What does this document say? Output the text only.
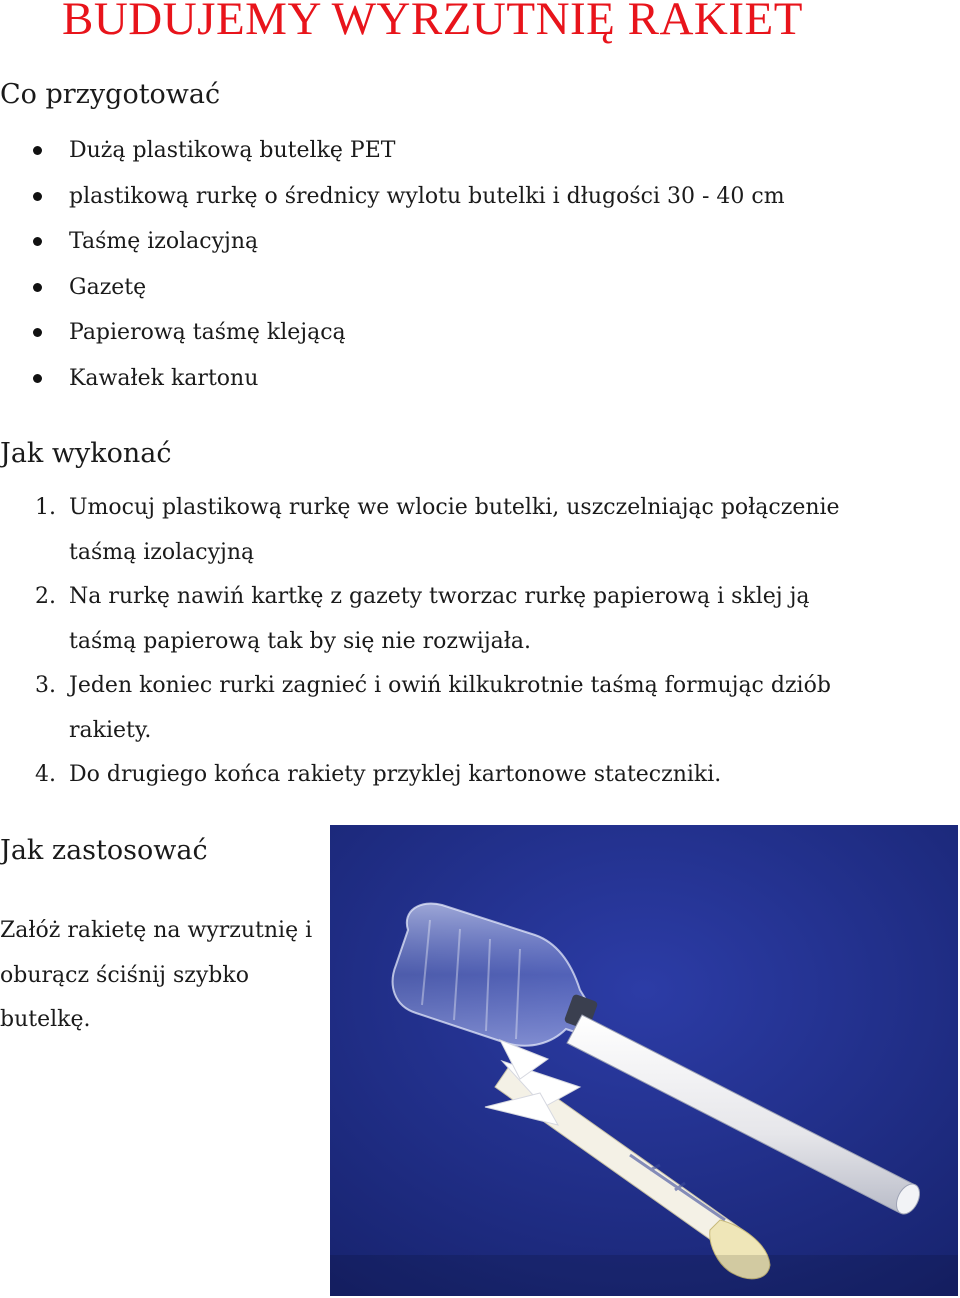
BUDUJEMY WYRZUTNIĘ RAKIET
Co przygotować
Dużą plastikową butelkę PET
plastikową rurkę o średnicy wylotu butelki i długości 30 - 40 cm
Taśmę izolacyjną
Gazetę
Papierową taśmę klejącą
Kawałek kartonu
Jak wykonać
1. Umocuj plastikową rurkę we wlocie butelki, uszczelniając połączenie taśmą izolacyjną
2. Na rurkę nawiń kartkę z gazety tworzac rurkę papierową i sklej ją taśmą papierową tak by się nie rozwijała.
3. Jeden koniec rurki zagnieć i owiń kilkukrotnie taśmą formując dziób rakiety.
4. Do drugiego końca rakiety przyklej kartonowe stateczniki.
Jak zastosować
Załóż rakietę na wyrzutnię i oburącz ściśnij szybko butelkę.
